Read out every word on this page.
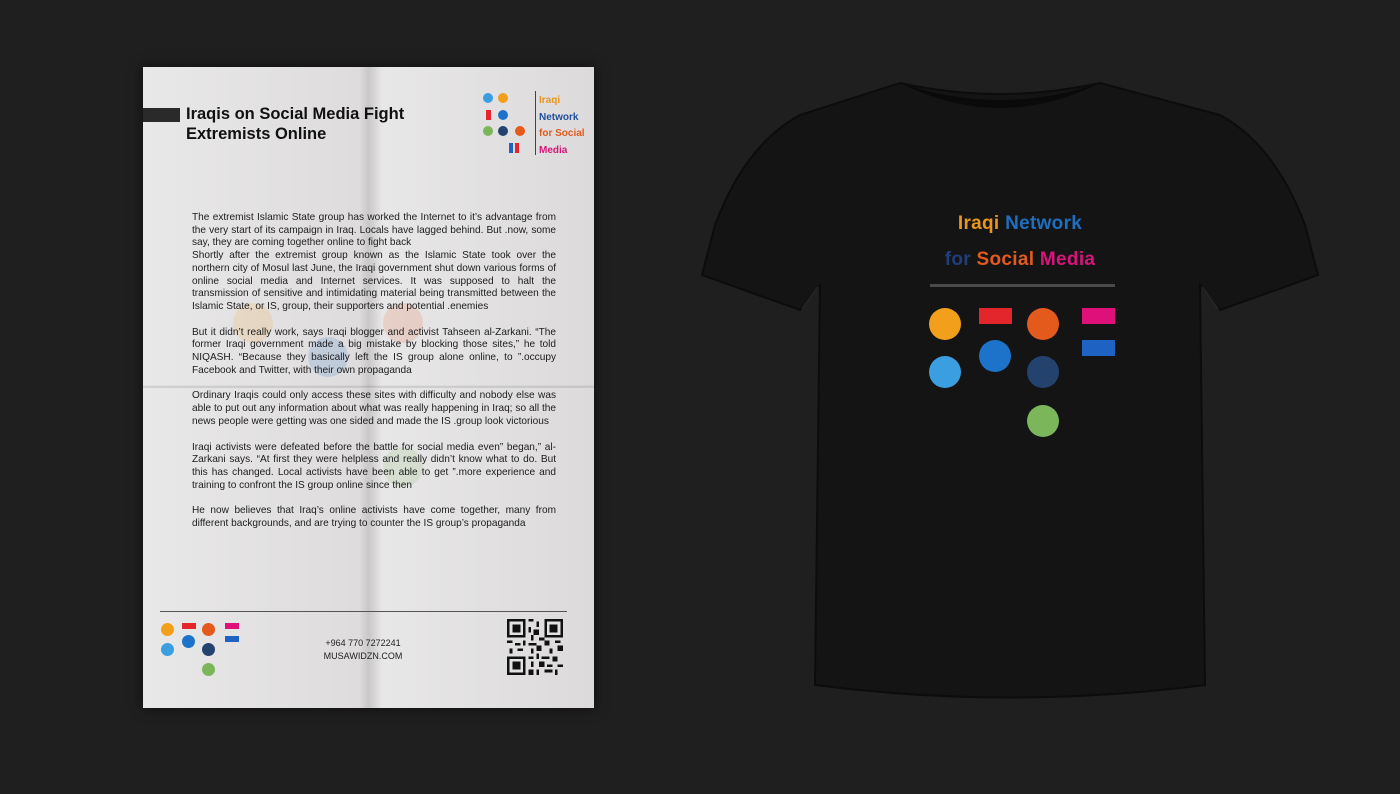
Iraqis on Social Media Fight Extremists Online
Iraqi
Network
for Social
Media

The extremist Islamic State group has worked the Internet to it’s advantage from the very start of its campaign in Iraq. Locals have lagged behind. But .now, some say, they are coming together online to fight back
Shortly after the extremist group known as the Islamic State took over the northern city of Mosul last June, the Iraqi government shut down various forms of online social media and Internet services. It was supposed to halt the transmission of sensitive and intimidating material being transmitted between the Islamic State, or IS, group, their supporters and potential .enemies

But it didn’t really work, says Iraqi blogger and activist Tahseen al-Zarkani. “The former Iraqi government made a big mistake by blocking those sites,” he told NIQASH. “Because they basically left the IS group alone online, to ”.occupy Facebook and Twitter, with their own propaganda

Ordinary Iraqis could only access these sites with difficulty and nobody else was able to put out any information about what was really happening in Iraq; so all the news people were getting was one sided and made the IS .group look victorious

Iraqi activists were defeated before the battle for social media even” began,” al-Zarkani says. “At first they were helpless and really didn’t know what to do. But this has changed. Local activists have been able to get ”.more experience and training to confront the IS group online since then

He now believes that Iraq’s online activists have come together, many from different backgrounds, and are trying to counter the IS group’s propaganda

+964 770 7272241
MUSAWIDZN.COM
Iraqi Network
for Social Media
